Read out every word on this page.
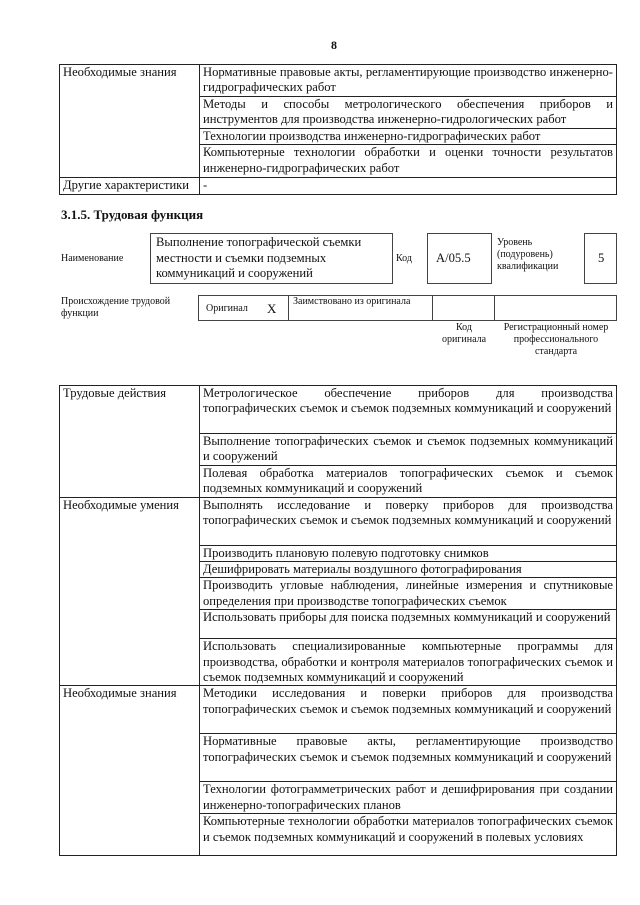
8
Необходимые знания	Нормативные правовые акты, регламентирующие производство инженерно-гидрографических работ
	Методы и способы метрологического обеспечения приборов и инструментов для производства инженерно-гидрологических работ
	Технологии производства инженерно-гидрографических работ
	Компьютерные технологии обработки и оценки точности результатов инженерно-гидрографических работ
Другие характеристики	-
3.1.5. Трудовая функция
Наименование
Выполнение топографической съемки местности и съемки подземных коммуникаций и сооружений
Код	А/05.5
Уровень (подуровень) квалификации
5
Происхождение трудовой функции	Оригинал X	Заимствовано из оригинала
Код оригинала
Регистрационный номер профессионального стандарта
Трудовые действия	Метрологическое обеспечение приборов для производства топографических съемок и съемок подземных коммуникаций и сооружений
	Выполнение топографических съемок и съемок подземных коммуникаций и сооружений
	Полевая обработка материалов топографических съемок и съемок подземных коммуникаций и сооружений
Необходимые умения	Выполнять исследование и поверку приборов для производства топографических съемок и съемок подземных коммуникаций и сооружений
	Производить плановую полевую подготовку снимков
	Дешифрировать материалы воздушного фотографирования
	Производить угловые наблюдения, линейные измерения и спутниковые определения при производстве топографических съемок
	Использовать приборы для поиска подземных коммуникаций и сооружений
	Использовать специализированные компьютерные программы для производства, обработки и контроля материалов топографических съемок и съемок подземных коммуникаций и сооружений
Необходимые знания	Методики исследования и поверки приборов для производства топографических съемок и съемок подземных коммуникаций и сооружений
	Нормативные правовые акты, регламентирующие производство топографических съемок и съемок подземных коммуникаций и сооружений
	Технологии фотограмметрических работ и дешифрирования при создании инженерно-топографических планов
	Компьютерные технологии обработки материалов топографических съемок и съемок подземных коммуникаций и сооружений в полевых условиях
